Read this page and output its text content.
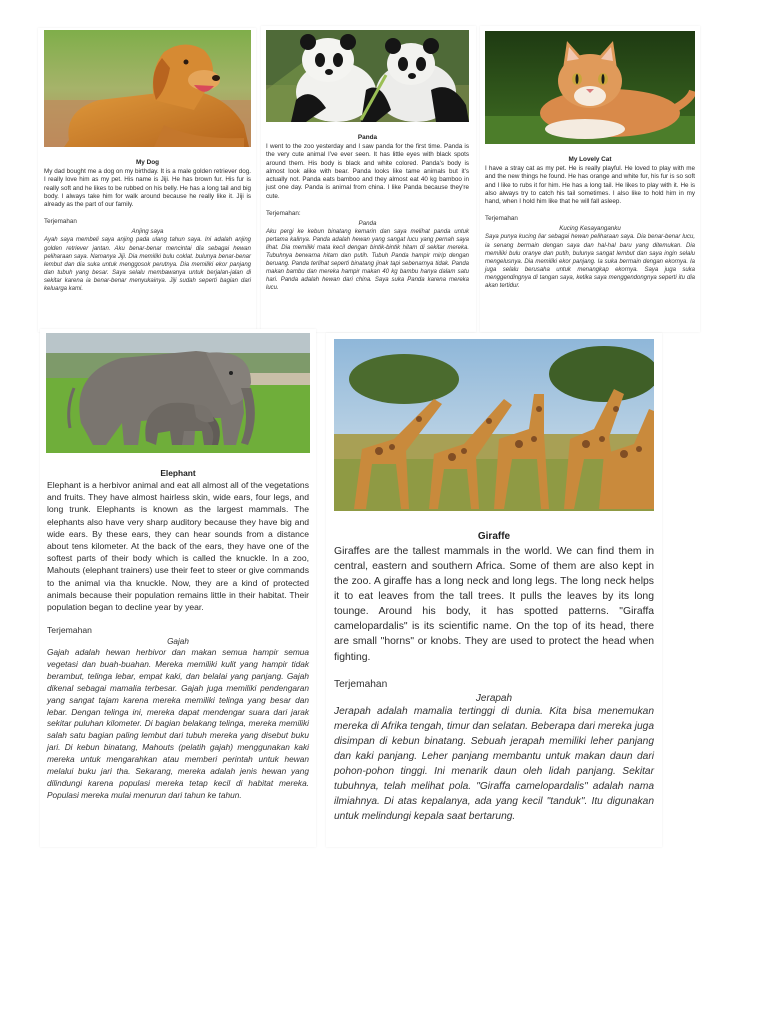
My Dog
My dad bought me a dog on my birthday. It is a male golden retriever dog. I really love him as my pet. His name is Jiji. He has brown fur. His fur is really soft and he likes to be rubbed on his belly. He has a long tail and big body. I always take him for walk around because he really like it. Jiji is already as the part of our family.
Terjemahan
Anjing saya
Ayah saya membeli saya anjing pada ulang tahun saya. Ini adalah anjing golden retriever jantan. Aku benar-benar mencintai dia sebagai hewan peliharaan saya. Namanya Jiji. Dia memiliki bulu coklat. bulunya benar-benar lembut dan dia suka untuk menggosok perutnya. Dia memiliki ekor panjang dan tubuh yang besar. Saya selalu membawanya untuk berjalan-jalan di sekitar karena ia benar-benar menyukainya. Jiji sudah seperti bagian dari keluarga kami.
Panda
I went to the zoo yesterday and I saw panda for the first time. Panda is the very cute animal I've ever seen. It has little eyes with black spots around them. His body is black and white colored. Panda's body is almost look alike with bear. Panda looks like tame animals but it's actually not. Panda eats bamboo and they almost eat 40 kg bamboo in just one day. Panda is animal from china. I like Panda because they're cute.
Terjemahan:
Panda
Aku pergi ke kebun binatang kemarin dan saya melihat panda untuk pertama kalinya. Panda adalah hewan yang sangat lucu yang pernah saya lihat. Dia memiliki mata kecil dengan bintik-bintik hitam di sekitar mereka. Tubuhnya berwarna hitam dan putih. Tubuh Panda hampir mirip dengan beruang. Panda terlihat seperti binatang jinak tapi sebenarnya tidak. Panda makan bambu dan mereka hampir makan 40 kg bambu hanya dalam satu hari. Panda adalah hewan dari china. Saya suka Panda karena mereka lucu.
My Lovely Cat
I have a stray cat as my pet. He is really playful. He loved to play with me and the new things he found. He has orange and white fur, his fur is so soft and I like to rubs it for him. He has a long tail. He likes to play with it. He is also always try to catch his tail sometimes. I also like to hold him in my hand, when I hold him like that he will fall asleep.
Terjemahan
Kucing Kesayanganku
Saya punya kucing liar sebagai hewan peliharaan saya. Dia benar-benar lucu, ia senang bermain dengan saya dan hal-hal baru yang ditemukan. Dia memiliki bulu oranye dan putih, bulunya sangat lembut dan saya ingin selalu mengelusnya. Dia memiliki ekor panjang. Ia suka bermain dengan ekornya. Ia juga selalu berusaha untuk menangkap ekornya. Saya juga suka menggendingnya di tangan saya, ketika saya menggendongnya seperti itu dia akan tertidur.
Elephant
Elephant is a herbivor animal and eat all almost all of the vegetations and fruits. They have almost hairless skin, wide ears, four legs, and long trunk. Elephants is known as the largest mammals. The elephants also have very sharp auditory because they have big and wide ears. By these ears, they can hear sounds from a distance about tens kilometer. At the back of the ears, they have one of the softest parts of their body which is called the knuckle. In a zoo, Mahouts (elephant trainers) use their feet to steer or give commands to the animal via tha knuckle. Now, they are a kind of protected animals because their population remains little in their habitat. Their population began to decline year by year.
Terjemahan
Gajah
Gajah adalah hewan herbivor dan makan semua hampir semua vegetasi dan buah-buahan. Mereka memiliki kulit yang hampir tidak berambut, telinga lebar, empat kaki, dan belalai yang panjang. Gajah dikenal sebagai mamalia terbesar. Gajah juga memiliki pendengaran yang sangat tajam karena mereka memiliki telinga yang besar dan lebar. Dengan telinga ini, mereka dapat mendengar suara dari jarak sekitar puluhan kilometer. Di bagian belakang telinga, mereka memiliki salah satu bagian paling lembut dari tubuh mereka yang disebut buku jari. Di kebun binatang, Mahouts (pelatih gajah) menggunakan kaki mereka untuk mengarahkan atau memberi perintah untuk hewan melalui buku jari tha. Sekarang, mereka adalah jenis hewan yang dilindungi karena populasi mereka tetap kecil di habitat mereka. Populasi mereka mulai menurun dari tahun ke tahun.
Giraffe
Giraffes are the tallest mammals in the world. We can find them in central, eastern and southern Africa. Some of them are also kept in the zoo. A giraffe has a long neck and long legs. The long neck helps it to eat leaves from the tall trees. It pulls the leaves by its long tounge. Around his body, it has spotted patterns. "Giraffa camelopardalis" is its scientific name. On the top of its head, there are small "horns" or knobs. They are used to protect the head when fighting.
Terjemahan
Jerapah
Jerapah adalah mamalia tertinggi di dunia. Kita bisa menemukan mereka di Afrika tengah, timur dan selatan. Beberapa dari mereka juga disimpan di kebun binatang. Sebuah jerapah memiliki leher panjang dan kaki panjang. Leher panjang membantu untuk makan daun dari pohon-pohon tinggi. Ini menarik daun oleh lidah panjang. Sekitar tubuhnya, telah melihat pola. "Giraffa camelopardalis" adalah nama ilmiahnya. Di atas kepalanya, ada yang kecil "tanduk". Itu digunakan untuk melindungi kepala saat bertarung.
